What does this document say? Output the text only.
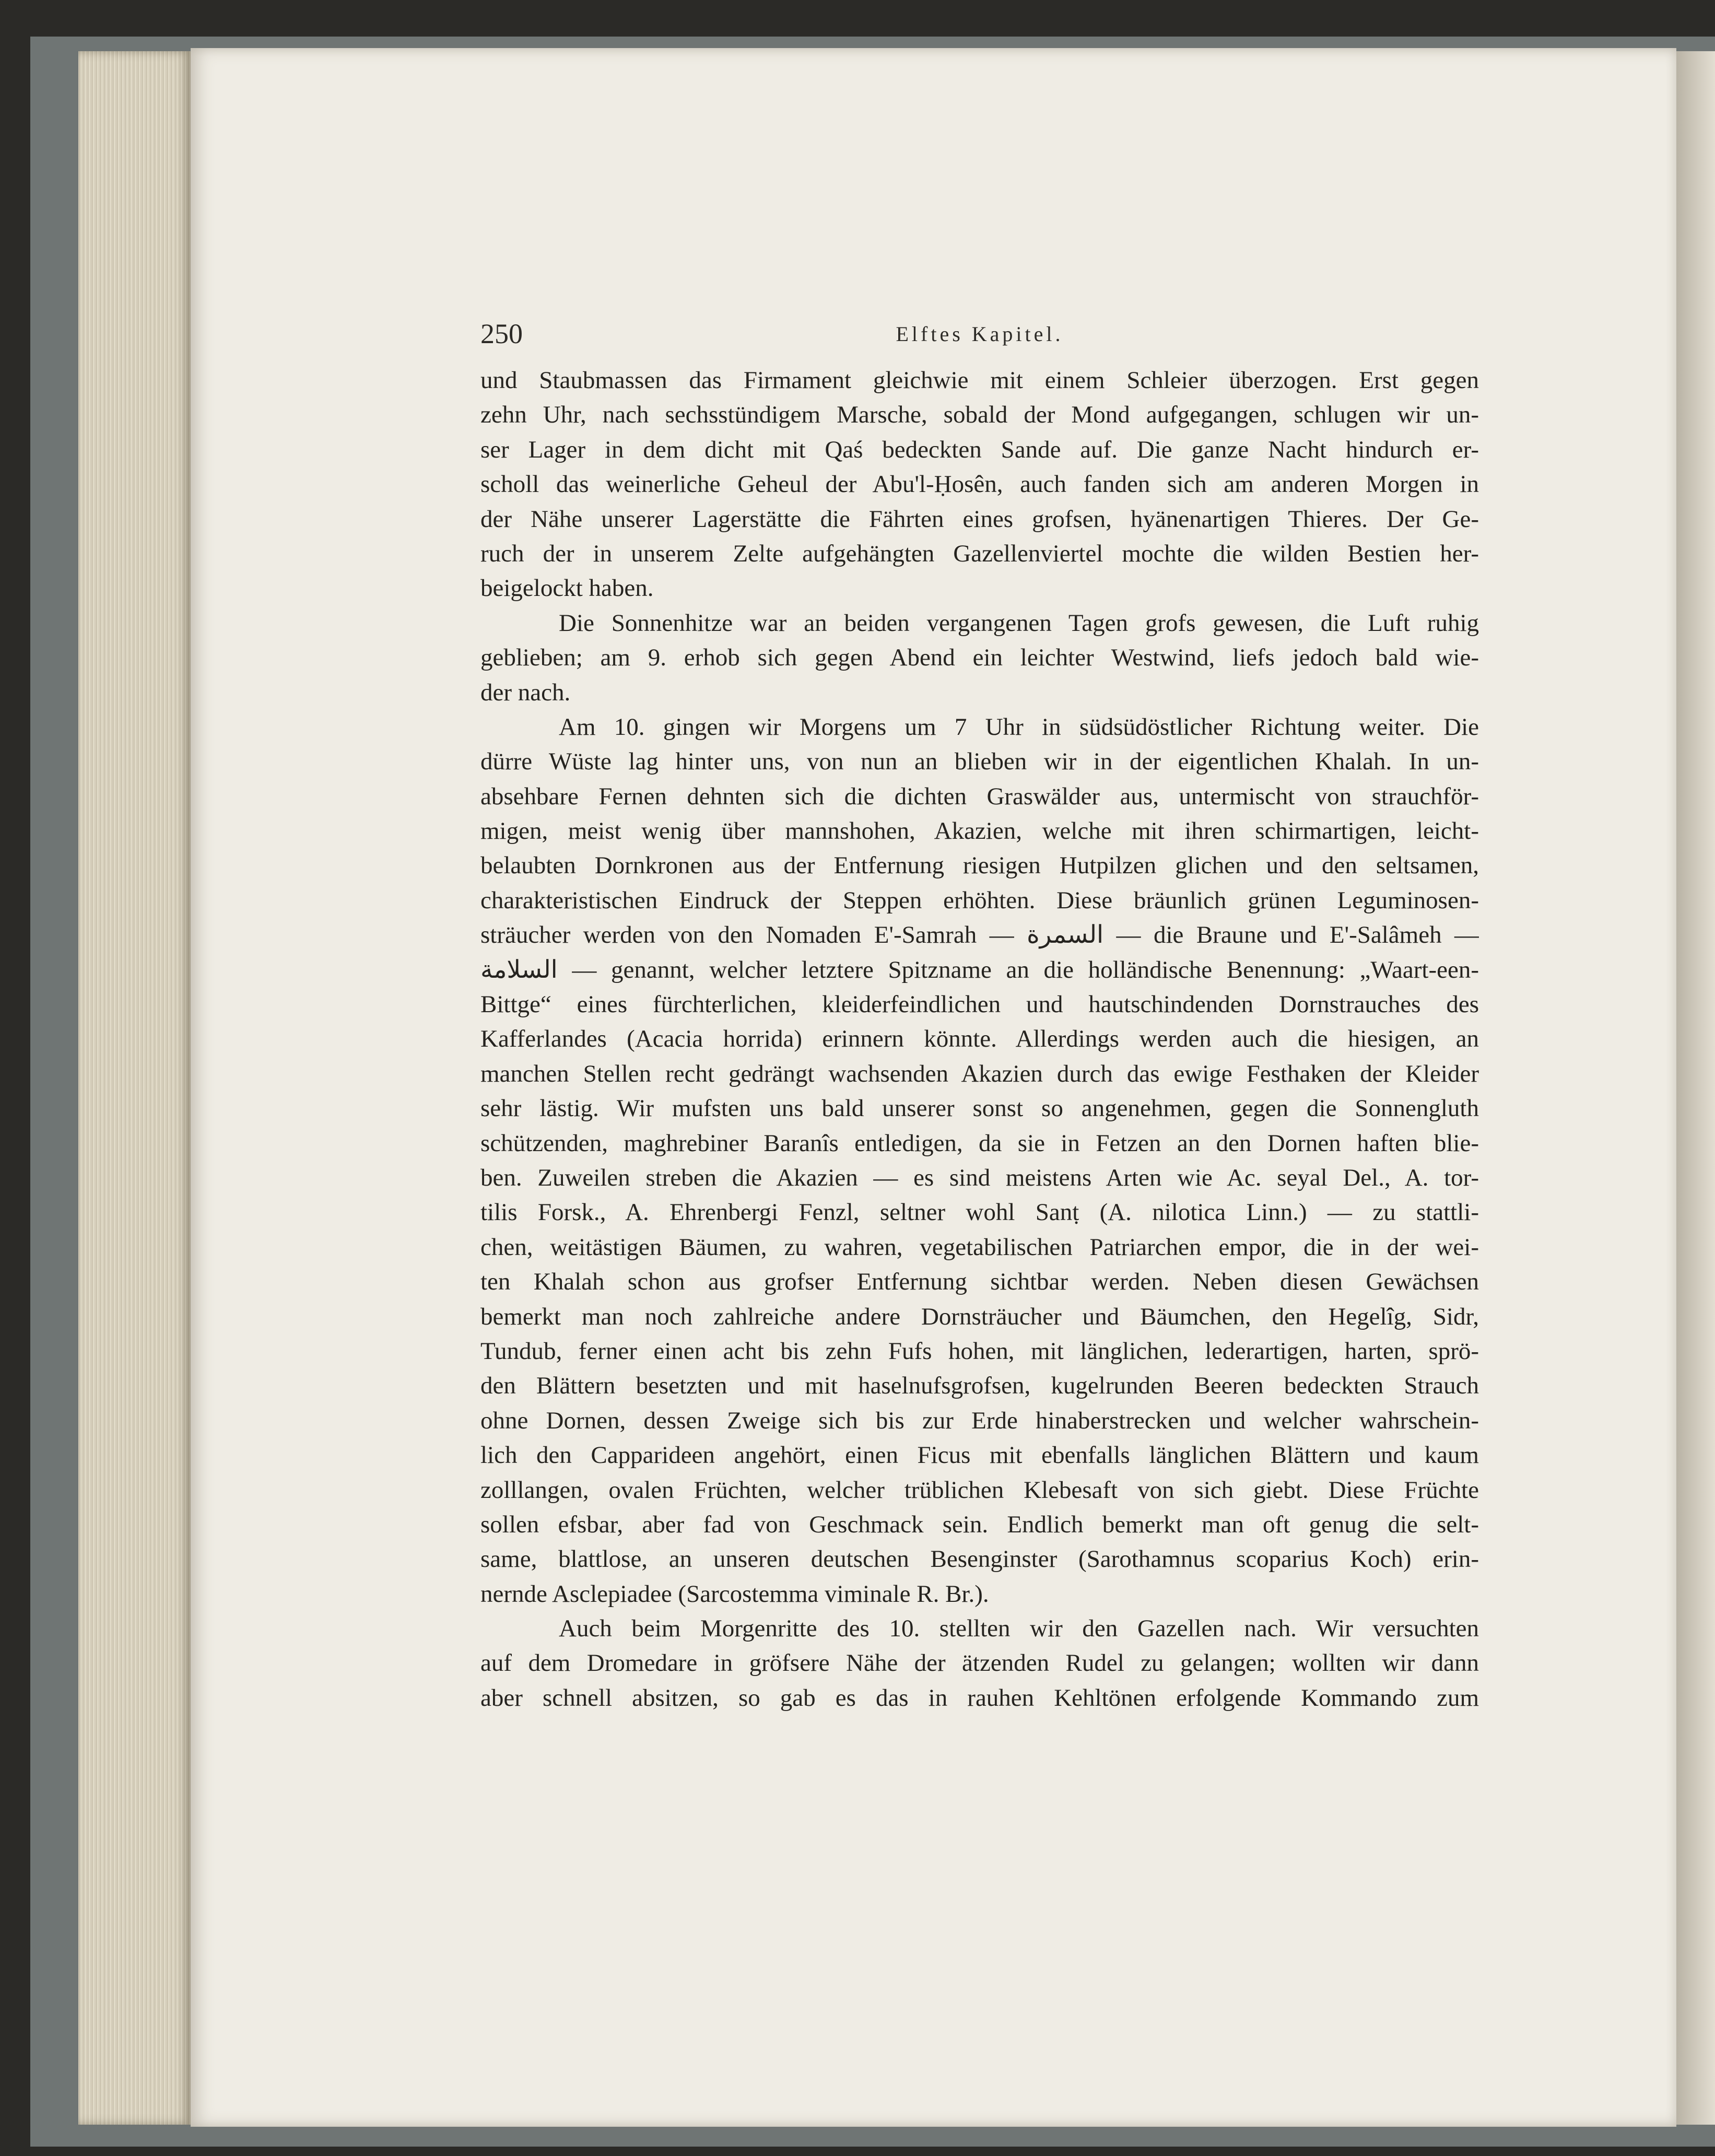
250	Elftes Kapitel.
und Staubmassen das Firmament gleichwie mit einem Schleier überzogen. Erst gegen
zehn Uhr, nach sechsstündigem Marsche, sobald der Mond aufgegangen, schlugen wir un-
ser Lager in dem dicht mit Qaś bedeckten Sande auf. Die ganze Nacht hindurch er-
scholl das weinerliche Geheul der Abu'l-Ḥosên, auch fanden sich am anderen Morgen in
der Nähe unserer Lagerstätte die Fährten eines grofsen, hyänenartigen Thieres. Der Ge-
ruch der in unserem Zelte aufgehängten Gazellenviertel mochte die wilden Bestien her-
beigelockt haben.
Die Sonnenhitze war an beiden vergangenen Tagen grofs gewesen, die Luft ruhig
geblieben; am 9. erhob sich gegen Abend ein leichter Westwind, liefs jedoch bald wie-
der nach.
Am 10. gingen wir Morgens um 7 Uhr in südsüdöstlicher Richtung weiter. Die
dürre Wüste lag hinter uns, von nun an blieben wir in der eigentlichen Khalah. In un-
absehbare Fernen dehnten sich die dichten Graswälder aus, untermischt von strauchför-
migen, meist wenig über mannshohen, Akazien, welche mit ihren schirmartigen, leicht-
belaubten Dornkronen aus der Entfernung riesigen Hutpilzen glichen und den seltsamen,
charakteristischen Eindruck der Steppen erhöhten. Diese bräunlich grünen Leguminosen-
sträucher werden von den Nomaden E'-Samrah — السمرة — die Braune und E'-Salâmeh —
السلامة — genannt, welcher letztere Spitzname an die holländische Benennung: „Waart-een-
Bittge“ eines fürchterlichen, kleiderfeindlichen und hautschindenden Dornstrauches des
Kafferlandes (Acacia horrida) erinnern könnte. Allerdings werden auch die hiesigen, an
manchen Stellen recht gedrängt wachsenden Akazien durch das ewige Festhaken der Kleider
sehr lästig. Wir mufsten uns bald unserer sonst so angenehmen, gegen die Sonnengluth
schützenden, maghrebiner Baranîs entledigen, da sie in Fetzen an den Dornen haften blie-
ben. Zuweilen streben die Akazien — es sind meistens Arten wie Ac. seyal Del., A. tor-
tilis Forsk., A. Ehrenbergi Fenzl, seltner wohl Sanṭ (A. nilotica Linn.) — zu stattli-
chen, weitästigen Bäumen, zu wahren, vegetabilischen Patriarchen empor, die in der wei-
ten Khalah schon aus grofser Entfernung sichtbar werden. Neben diesen Gewächsen
bemerkt man noch zahlreiche andere Dornsträucher und Bäumchen, den Hegelîg, Sidr,
Tundub, ferner einen acht bis zehn Fufs hohen, mit länglichen, lederartigen, harten, sprö-
den Blättern besetzten und mit haselnufsgrofsen, kugelrunden Beeren bedeckten Strauch
ohne Dornen, dessen Zweige sich bis zur Erde hinaberstrecken und welcher wahrschein-
lich den Capparideen angehört, einen Ficus mit ebenfalls länglichen Blättern und kaum
zolllangen, ovalen Früchten, welcher trüblichen Klebesaft von sich giebt. Diese Früchte
sollen efsbar, aber fad von Geschmack sein. Endlich bemerkt man oft genug die selt-
same, blattlose, an unseren deutschen Besenginster (Sarothamnus scoparius Koch) erin-
nernde Asclepiadee (Sarcostemma viminale R. Br.).
Auch beim Morgenritte des 10. stellten wir den Gazellen nach. Wir versuchten
auf dem Dromedare in gröfsere Nähe der ätzenden Rudel zu gelangen; wollten wir dann
aber schnell absitzen, so gab es das in rauhen Kehltönen erfolgende Kommando zum
